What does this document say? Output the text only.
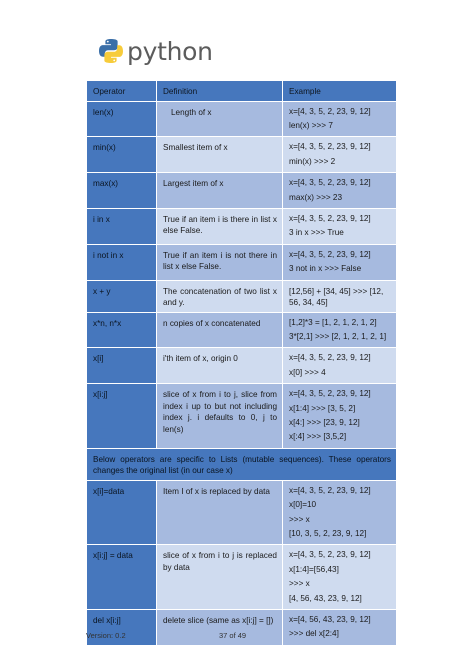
python
Operator	Definition	Example
len(x)	Length of x	x=[4, 3, 5, 2, 23, 9, 12]
len(x) >>> 7

min(x)	Smallest item of x	x=[4, 3, 5, 2, 23, 9, 12]
min(x) >>> 2

max(x)	Largest item of x	x=[4, 3, 5, 2, 23, 9, 12]
max(x) >>> 23

i in x	True if an item i is there in list x else False.	x=[4, 3, 5, 2, 23, 9, 12]
3 in x >>> True

i not in x	True if an item i is not there in list x else False.	x=[4, 3, 5, 2, 23, 9, 12]
3 not in x >>> False

x + y	The concatenation of two list x and y.	[12,56] + [34, 45] >>> [12, 56, 34, 45]
x*n, n*x	n copies of x concatenated	[1,2]*3 = [1, 2, 1, 2, 1, 2]
3*[2,1] >>> [2, 1, 2, 1, 2, 1]

x[i]	i'th item of x, origin 0	x=[4, 3, 5, 2, 23, 9, 12]
x[0] >>> 4

x[i:j]	slice of x from i to j, slice from index i up to but not including index j. i defaults to 0, j to len(s)	x=[4, 3, 5, 2, 23, 9, 12]
x[1:4] >>> [3, 5, 2]
x[4:] >>> [23, 9, 12]
x[:4] >>> [3,5,2]

Below operators are specific to Lists (mutable sequences). These operators changes the original list (in our case x)		
x[i]=data	Item I of x is replaced by data	x=[4, 3, 5, 2, 23, 9, 12]
x[0]=10
>>> x
[10, 3, 5, 2, 23, 9, 12]

x[i:j] = data	slice of x from i to j is replaced by data	x=[4, 3, 5, 2, 23, 9, 12]
x[1:4]=[56,43]
>>> x
[4, 56, 43, 23, 9, 12]

del x[i:j]	delete slice (same as x[i:j] = [])	x=[4, 56, 43, 23, 9, 12]
>>> del x[2:4]
Version: 0.2	37 of 49
